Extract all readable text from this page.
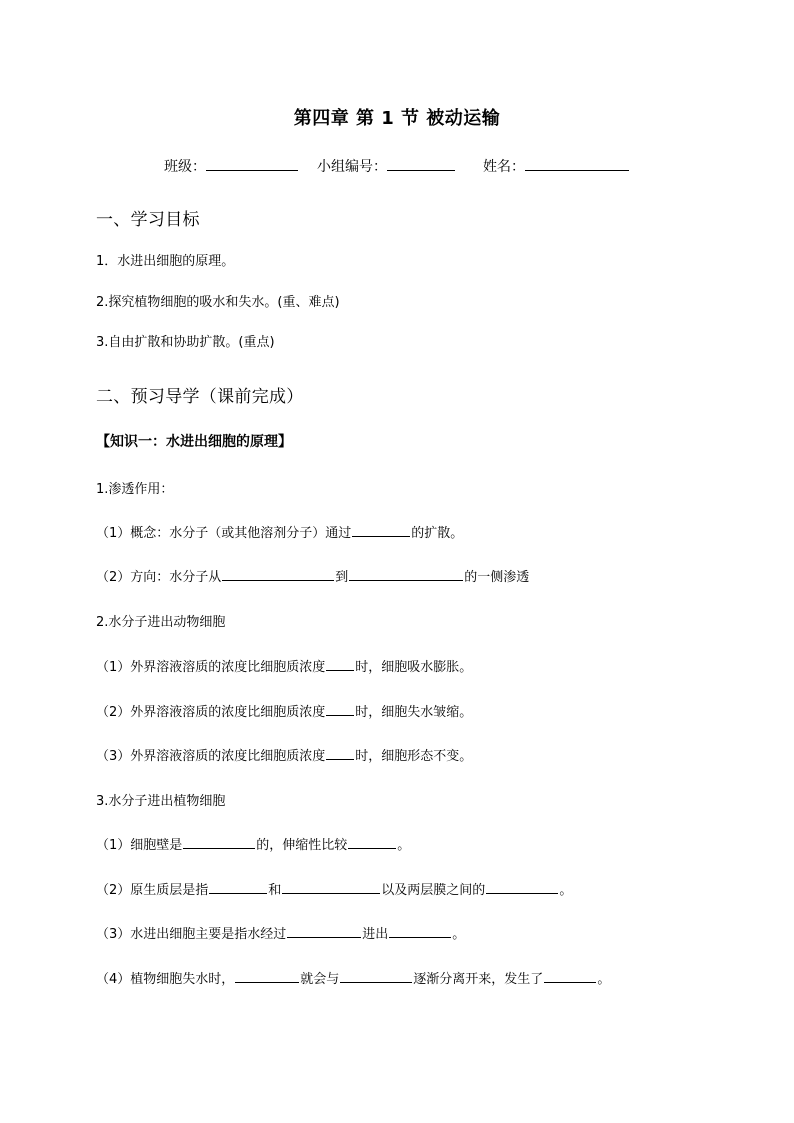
第四章 第 1 节 被动运输
班级：	小组编号：	姓名：
一、学习目标
1．水进出细胞的原理。
2.探究植物细胞的吸水和失水。(重、难点)
3.自由扩散和协助扩散。(重点)
二、预习导学（课前完成）
【知识一：水进出细胞的原理】
1.渗透作用：
（1）概念：水分子（或其他溶剂分子）通过	的扩散。
（2）方向：水分子从	到	的一侧渗透
2.水分子进出动物细胞
（1）外界溶液溶质的浓度比细胞质浓度 时，细胞吸水膨胀。
（2）外界溶液溶质的浓度比细胞质浓度 时，细胞失水皱缩。
（3）外界溶液溶质的浓度比细胞质浓度 时，细胞形态不变。
3.水分子进出植物细胞
（1）细胞壁是	的，伸缩性比较	。
（2）原生质层是指	和	以及两层膜之间的	。
（3）水进出细胞主要是指水经过	进出	。
（4）植物细胞失水时，	就会与	逐渐分离开来，发生了	。
